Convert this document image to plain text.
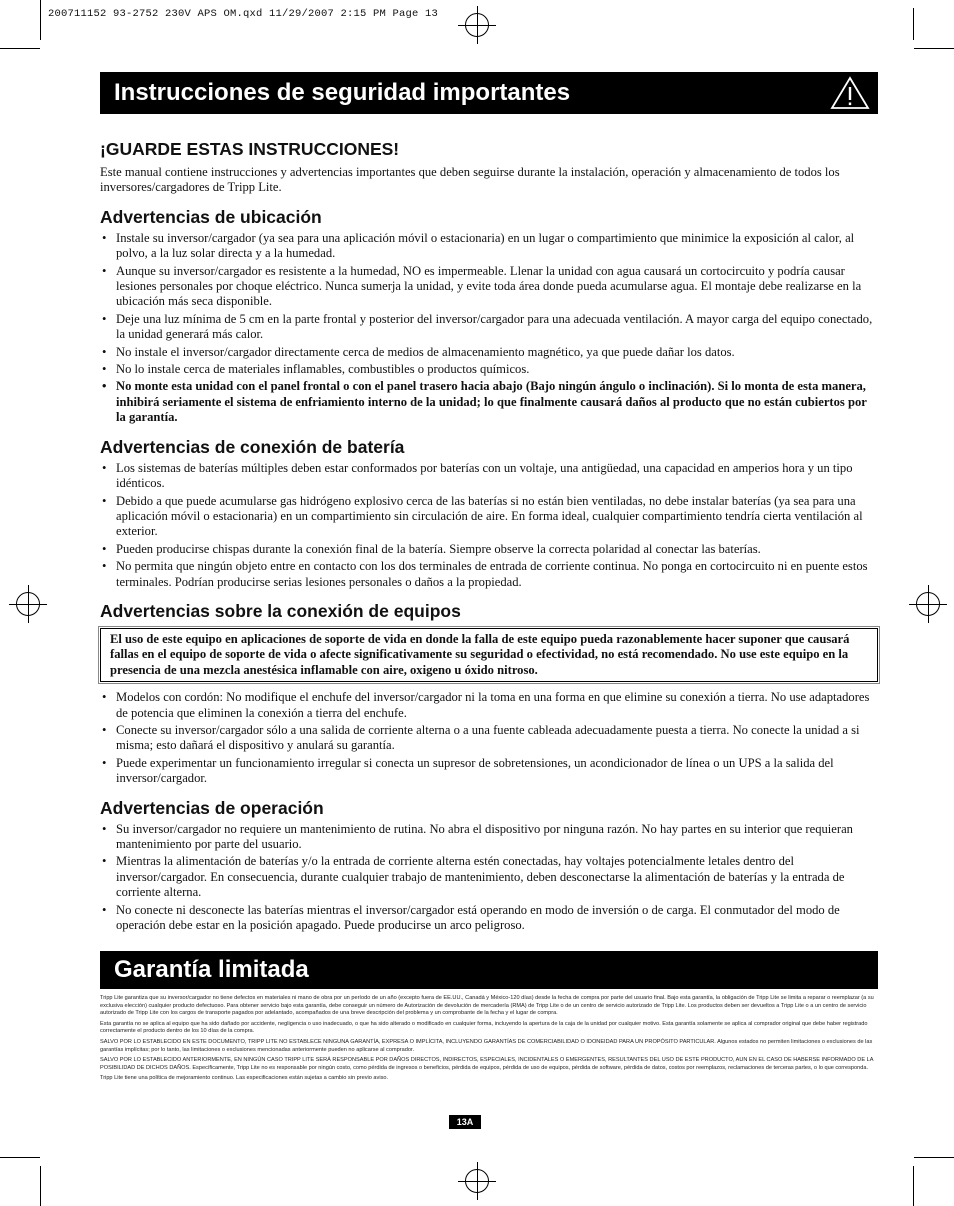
200711152 93-2752 230V APS OM.qxd 11/29/2007 2:15 PM Page 13
Instrucciones de seguridad importantes
¡GUARDE ESTAS INSTRUCCIONES!

Este manual contiene instrucciones y advertencias importantes que deben seguirse durante la instalación, operación y almacenamiento de todos los inversores/cargadores de Tripp Lite.

Advertencias de ubicación
• Instale su inversor/cargador (ya sea para una aplicación móvil o estacionaria) en un lugar o compartimiento que minimice la exposición al calor, al polvo, a la luz solar directa y a la humedad.
• Aunque su inversor/cargador es resistente a la humedad, NO es impermeable. Llenar la unidad con agua causará un cortocircuito y podría causar lesiones personales por choque eléctrico. Nunca sumerja la unidad, y evite toda área donde pueda acumularse agua. El montaje debe realizarse en la ubicación más seca disponible.
• Deje una luz mínima de 5 cm en la parte frontal y posterior del inversor/cargador para una adecuada ventilación. A mayor carga del equipo conectado, la unidad generará más calor.
• No instale el inversor/cargador directamente cerca de medios de almacenamiento magnético, ya que puede dañar los datos.
• No lo instale cerca de materiales inflamables, combustibles o productos químicos.
• No monte esta unidad con el panel frontal o con el panel trasero hacia abajo (Bajo ningún ángulo o inclinación). Si lo monta de esta manera, inhibirá seriamente el sistema de enfriamiento interno de la unidad; lo que finalmente causará daños al producto que no están cubiertos por la garantía.
Advertencias de conexión de batería
• Los sistemas de baterías múltiples deben estar conformados por baterías con un voltaje, una antigüedad, una capacidad en amperios hora y un tipo idénticos.
• Debido a que puede acumularse gas hidrógeno explosivo cerca de las baterías si no están bien ventiladas, no debe instalar baterías (ya sea para una aplicación móvil o estacionaria) en un compartimiento sin circulación de aire. En forma ideal, cualquier compartimiento tendría cierta ventilación al exterior.
• Pueden producirse chispas durante la conexión final de la batería. Siempre observe la correcta polaridad al conectar las baterías.
• No permita que ningún objeto entre en contacto con los dos terminales de entrada de corriente continua. No ponga en cortocircuito ni en puente estos terminales. Podrían producirse serias lesiones personales o daños a la propiedad.
Advertencias sobre la conexión de equipos
El uso de este equipo en aplicaciones de soporte de vida en donde la falla de este equipo pueda razonablemente hacer suponer que causará fallas en el equipo de soporte de vida o afecte significativamente su seguridad o efectividad, no está recomendado. No use este equipo en la presencia de una mezcla anestésica inflamable con aire, oxigeno u óxido nitroso.
• Modelos con cordón: No modifique el enchufe del inversor/cargador ni la toma en una forma en que elimine su conexión a tierra. No use adaptadores de potencia que eliminen la conexión a tierra del enchufe.
• Conecte su inversor/cargador sólo a una salida de corriente alterna o a una fuente cableada adecuadamente puesta a tierra. No conecte la unidad a si misma; esto dañará el dispositivo y anulará su garantía.
• Puede experimentar un funcionamiento irregular si conecta un supresor de sobretensiones, un acondicionador de línea o un UPS a la salida del inversor/cargador.
Advertencias de operación
• Su inversor/cargador no requiere un mantenimiento de rutina. No abra el dispositivo por ninguna razón. No hay partes en su interior que requieran mantenimiento por parte del usuario.
• Mientras la alimentación de baterías y/o la entrada de corriente alterna estén conectadas, hay voltajes potencialmente letales dentro del inversor/cargador. En consecuencia, durante cualquier trabajo de mantenimiento, deben desconectarse la alimentación de baterías y la entrada de corriente alterna.
• No conecte ni desconecte las baterías mientras el inversor/cargador está operando en modo de inversión o de carga. El conmutador del modo de operación debe estar en la posición apagado. Puede producirse un arco peligroso.
Garantía limitada

Tripp Lite garantiza que su inversor/cargador no tiene defectos en materiales ni mano de obra por un período de un año (excepto fuera de EE.UU., Canadá y México-120 días) desde la fecha de compra por parte del usuario final. Bajo esta garantía, la obligación de Tripp Lite se limita a reparar o reemplazar (a su exclusiva elección) cualquier producto defectuoso. Para obtener servicio bajo esta garantía, debe conseguir un número de Autorización de devolución de mercadería (RMA) de Tripp Lite o de un centro de servicio autorizado de Tripp Lite. Los productos deben ser devueltos a Tripp Lite o a un centro de servicio autorizado de Tripp Lite con los cargos de transporte pagados por adelantado, acompañados de una breve descripción del problema y un comprobante de la fecha y el lugar de compra.

Esta garantía no se aplica al equipo que ha sido dañado por accidente, negligencia o uso inadecuado, o que ha sido alterado o modificado en cualquier forma, incluyendo la apertura de la caja de la unidad por cualquier motivo. Esta garantía solamente se aplica al comprador original que debe haber registrado correctamente el producto dentro de los 10 días de la compra.

SALVO POR LO ESTABLECIDO EN ESTE DOCUMENTO, TRIPP LITE NO ESTABLECE NINGUNA GARANTÍA, EXPRESA O IMPLÍCITA, INCLUYENDO GARANTÍAS DE COMERCIABILIDAD O IDONEIDAD PARA UN PROPÓSITO PARTICULAR. Algunos estados no permiten limitaciones o exclusiones de las garantías implícitas; por lo tanto, las limitaciones o exclusiones mencionadas anteriormente pueden no aplicarse al comprador.

SALVO POR LO ESTABLECIDO ANTERIORMENTE, EN NINGÚN CASO TRIPP LITE SERÁ RESPONSABLE POR DAÑOS DIRECTOS, INDIRECTOS, ESPECIALES, INCIDENTALES O EMERGENTES, RESULTANTES DEL USO DE ESTE PRODUCTO, AUN EN EL CASO DE HABERSE INFORMADO DE LA POSIBILIDAD DE DICHOS DAÑOS. Específicamente, Tripp Lite no es responsable por ningún costo, como pérdida de ingresos o beneficios, pérdida de equipos, pérdida de uso de equipos, pérdida de software, pérdida de datos, costos por reemplazos, reclamaciones de terceras partes, o lo que corresponda.

Tripp Lite tiene una política de mejoramiento continuo. Las especificaciones están sujetas a cambio sin previo aviso.

13A
